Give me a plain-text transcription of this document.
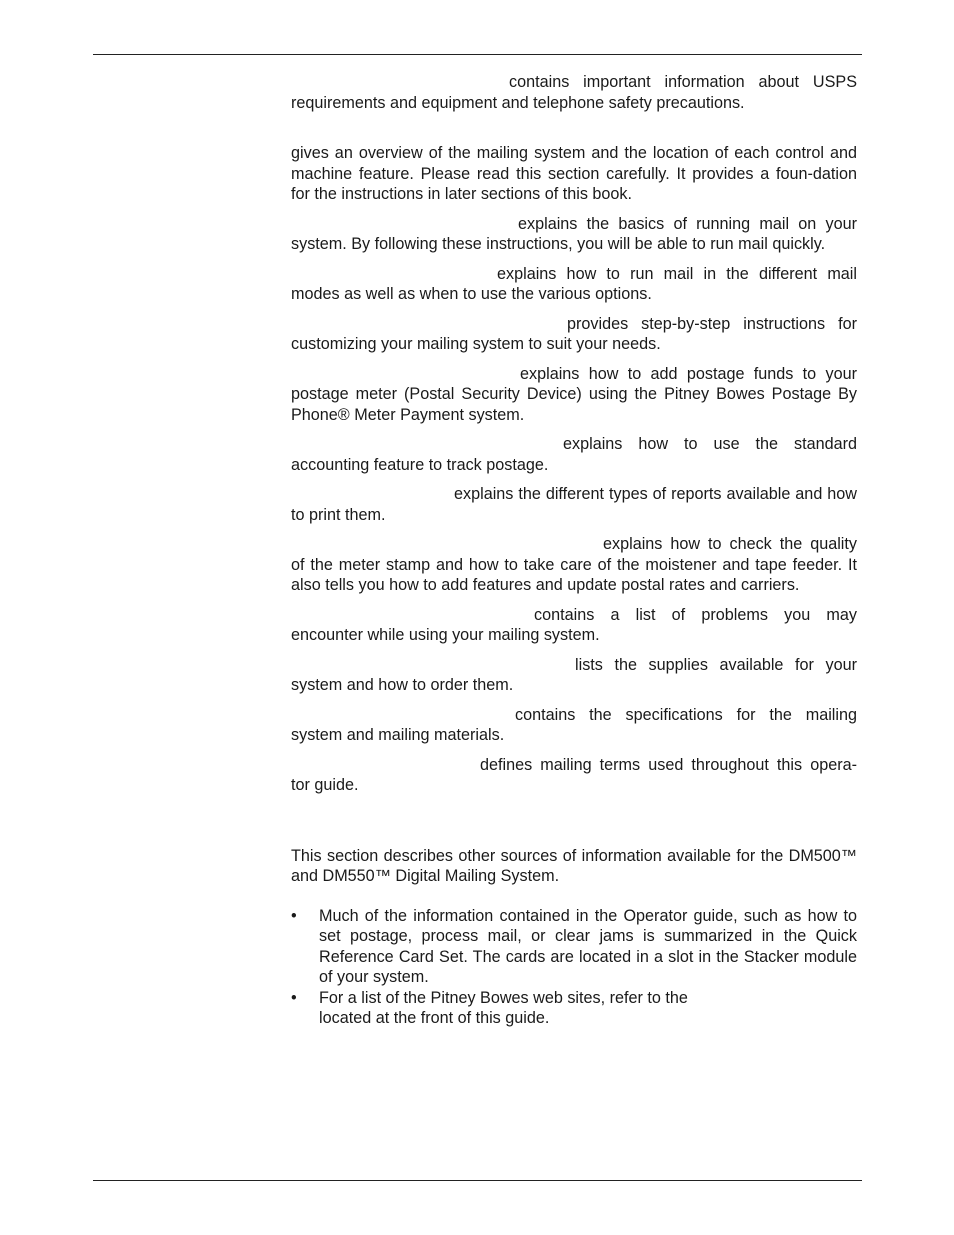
contains important information about USPS requirements and equipment and telephone safety precautions.

gives an overview of the mailing system and the location of each control and machine feature. Please read this section carefully. It provides a foun-dation for the instructions in later sections of this book.

explains the basics of running mail on your system. By following these instructions, you will be able to run mail quickly.

explains how to run mail in the different mail modes as well as when to use the various options.

provides step-by-step instructions for customizing your mailing system to suit your needs.

explains how to add postage funds to your postage meter (Postal Security Device) using the Pitney Bowes Postage By Phone® Meter Payment system.

explains how to use the standard accounting feature to track postage.

explains the different types of reports available and how to print them.

explains how to check the quality of the meter stamp and how to take care of the moistener and tape feeder. It also tells you how to add features and update postal rates and carriers.

contains a list of problems you may encounter while using your mailing system.

lists the supplies available for your system and how to order them.

contains the specifications for the mailing system and mailing materials.

defines mailing terms used throughout this opera- tor guide.

This section describes other sources of information available for the DM500™ and DM550™ Digital Mailing System.

• Much of the information contained in the Operator guide, such as how to set postage, process mail, or clear jams is summarized in the Quick Reference Card Set. The cards are located in a slot in the Stacker module of your system.
• For a list of the Pitney Bowes web sites, refer to the
located at the front of this guide.
